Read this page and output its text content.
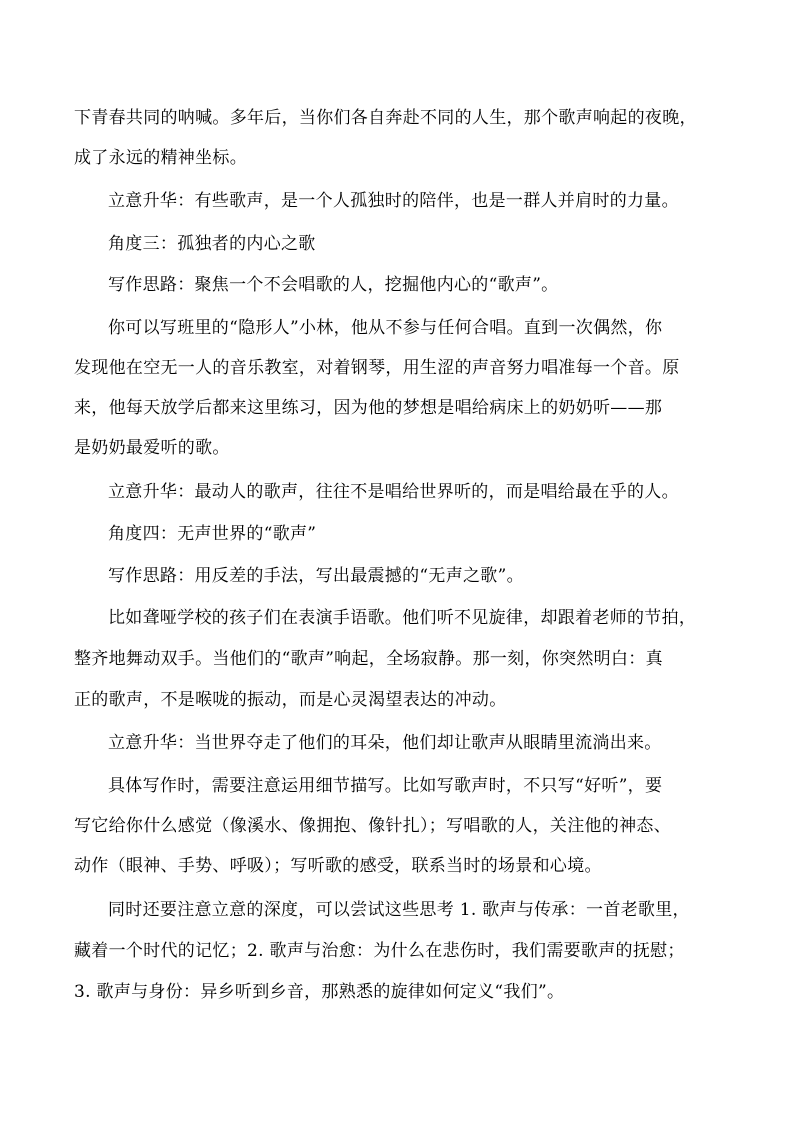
下青春共同的呐喊。多年后，当你们各自奔赴不同的人生，那个歌声响起的夜晚，
成了永远的精神坐标。
立意升华：有些歌声，是一个人孤独时的陪伴，也是一群人并肩时的力量。
角度三：孤独者的内心之歌
写作思路：聚焦一个不会唱歌的人，挖掘他内心的“歌声”。
你可以写班里的“隐形人”小林，他从不参与任何合唱。直到一次偶然，你
发现他在空无一人的音乐教室，对着钢琴，用生涩的声音努力唱准每一个音。原
来，他每天放学后都来这里练习，因为他的梦想是唱给病床上的奶奶听——那
是奶奶最爱听的歌。
立意升华：最动人的歌声，往往不是唱给世界听的，而是唱给最在乎的人。
角度四：无声世界的“歌声”
写作思路：用反差的手法，写出最震撼的“无声之歌”。
比如聋哑学校的孩子们在表演手语歌。他们听不见旋律，却跟着老师的节拍，
整齐地舞动双手。当他们的“歌声”响起，全场寂静。那一刻，你突然明白：真
正的歌声，不是喉咙的振动，而是心灵渴望表达的冲动。
立意升华：当世界夺走了他们的耳朵，他们却让歌声从眼睛里流淌出来。
具体写作时，需要注意运用细节描写。比如写歌声时，不只写“好听”，要
写它给你什么感觉（像溪水、像拥抱、像针扎）；写唱歌的人，关注他的神态、
动作（眼神、手势、呼吸）；写听歌的感受，联系当时的场景和心境。
同时还要注意立意的深度，可以尝试这些思考 1. 歌声与传承：一首老歌里，
藏着一个时代的记忆；2. 歌声与治愈：为什么在悲伤时，我们需要歌声的抚慰；
3. 歌声与身份：异乡听到乡音，那熟悉的旋律如何定义“我们”。
